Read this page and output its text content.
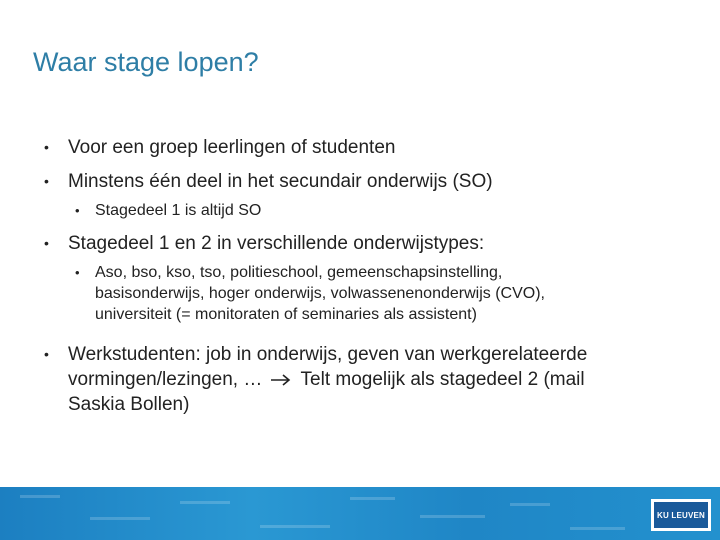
Waar stage lopen?
• Voor een groep leerlingen of studenten
• Minstens één deel in het secundair onderwijs (SO)
• Stagedeel 1 is altijd SO
• Stagedeel 1 en 2 in verschillende onderwijstypes:
• Aso, bso, kso, tso, politieschool, gemeenschapsinstelling,
basisonderwijs, hoger onderwijs, volwassenenonderwijs (CVO),
universiteit (= monitoraten of seminaries als assistent)
• Werkstudenten: job in onderwijs, geven van werkgerelateerde
vormingen/lezingen, … Telt mogelijk als stagedeel 2 (mail
Saskia Bollen)
KU LEUVEN
